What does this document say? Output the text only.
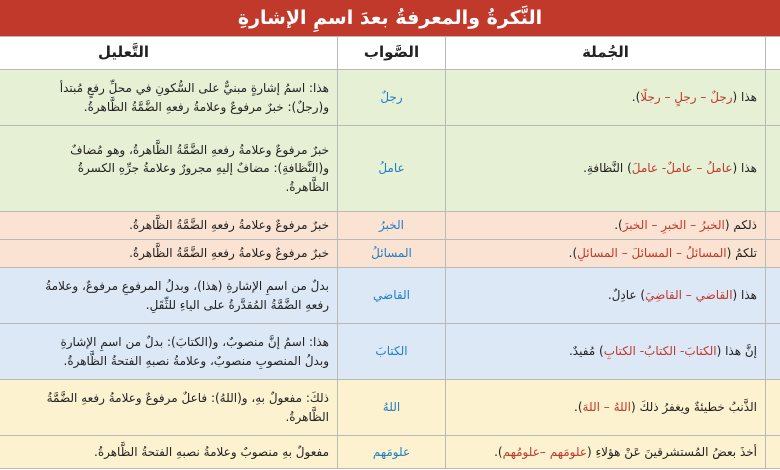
النَّكرةُ والمعرفةُ بعدَ اسمِ الإشارةِ
	الجُملة	الصَّواب	التَّعليل
	هذا (رجلٌ – رجلٍ – رجلًا).	رجلٌ	هذا: اسمُ إشارةٍ مبنيٌّ على السُّكونِ في محلِّ رفعٍ مُبتدأ
و(رجلٌ): خبرٌ مرفوعٌ وعلامةُ رفعهِ الضَّمَّةُ الظَّاهرةُ.

	هذا (عاملُ – عاملٌ- عاملَ) النَّظافةِ.	عاملُ	خبرٌ مرفوعٌ وعلامةُ رفعهِ الضَّمَّةُ الظَّاهرةُ، وهو مُضافٌ
و(النَّظافةِ): مضافٌ إليهِ مجرورٌ وعلامةُ جرِّهِ الكسرةُ
الظَّاهرةُ.

	ذلكم (الخبرُ – الخبرِ – الخبرَ).	الخبرُ	خبرٌ مرفوعٌ وعلامةُ رفعهِ الضَّمَّةُ الظَّاهرةُ.

	تلكمُ (المسائلُ – المسائلَ – المسائلِ).	المسائلُ	خبرٌ مرفوعٌ وعلامةُ رفعهِ الضَّمَّةُ الظَّاهرةُ.

	هذا (القاضي – القاضِيَ) عادِلٌ.	القاضي	بدلٌ من اسمِ الإشارةِ (هذا)، وبدلُ المرفوعِ مرفوعٌ، وعلامةُ
رفعهِ الضَّمَّةُ المُقدَّرةُ على الياءِ للثِّقَلِ.

	إنَّ هذا (الكتابَ- الكتابُ- الكتابِ) مُفيدٌ.	الكتابَ	هذا: اسمُ إنَّ منصوبٌ، و(الكتابَ): بدلٌ من اسمِ الإشارةِ
وبدلُ المنصوبِ منصوبٌ، وعلامةُ نصبهِ الفتحةُ الظَّاهرةُ.

	الذَّنبُ خطيئةٌ ويغفرُ ذلكَ (اللهُ – اللهَ).	اللهُ	ذلكَ: مفعولٌ بهِ، و(اللهُ): فاعلٌ مرفوعٌ وعلامةُ رفعهِ الضَّمَّةُ
الظَّاهرةُ.

	أخذَ بعضُ المُستشرقينَ عَنْ هؤلاءِ (علومَهم –علومُهم).	علومَهم	مفعولٌ بهِ منصوبٌ وعلامةُ نصبهِ الفتحةُ الظَّاهرةُ.
